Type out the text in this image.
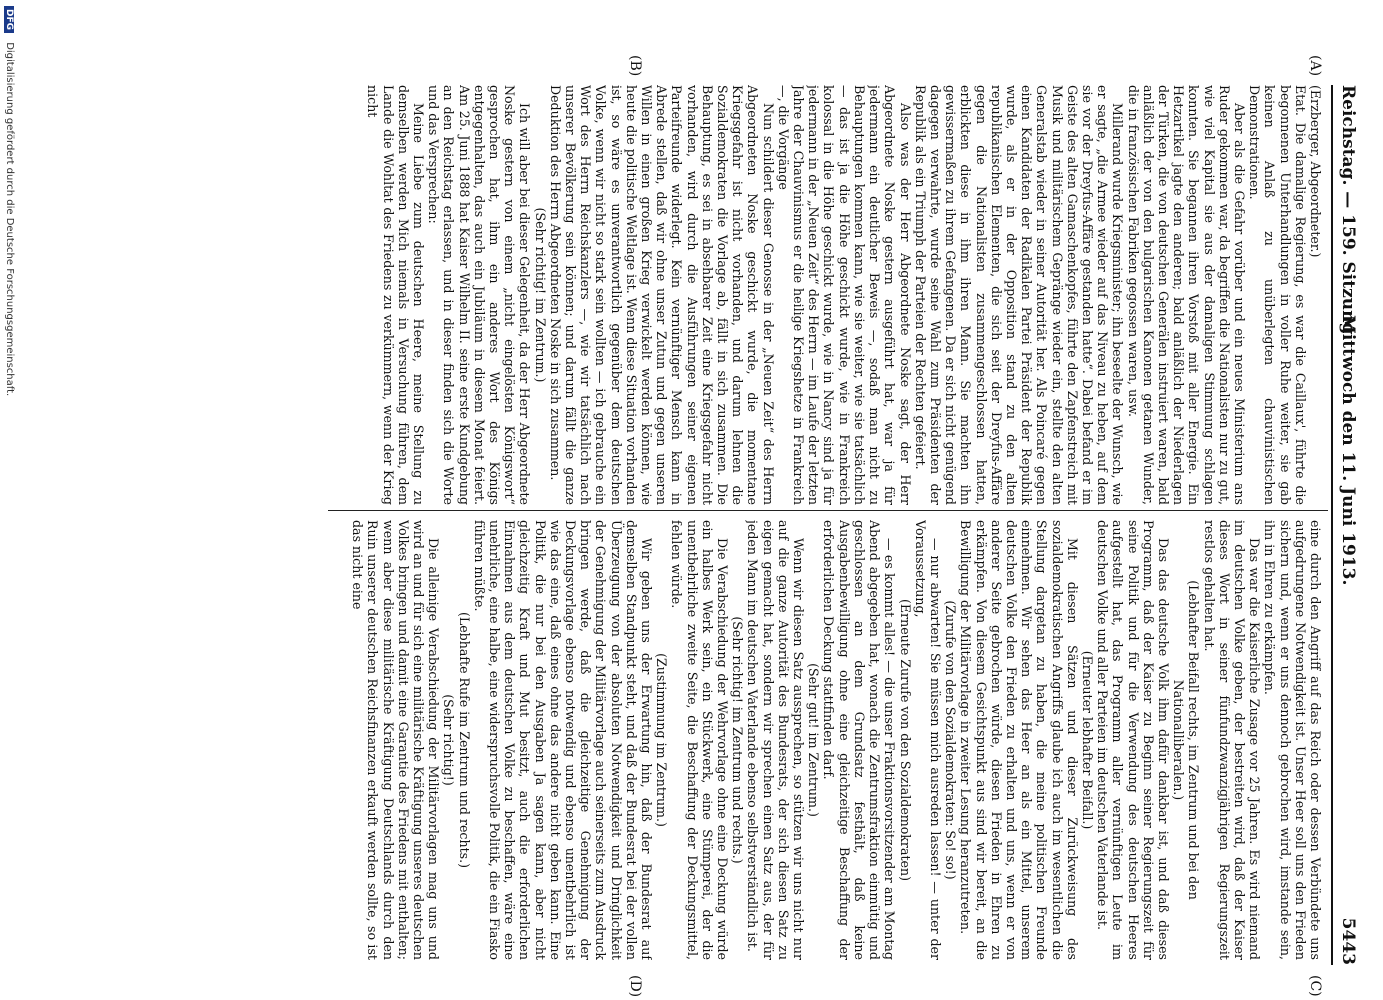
Reichstag. — 159. Sitzung.
Mittwoch den 11. Juni 1913.
5443
(A)
(B)
(C)
(D)

(Erzberger, Abgeordneter.)

Etat. Die damalige Regierung, es war die Caillaux', führte die begonnenen Unterhandlungen in voller Ruhe weiter, sie gab keinen Anlaß zu unüberlegten chauvinistischen Demonstrationen.

Aber als die Gefahr vorüber und ein neues Ministerium ans Ruder gekommen war, da begriffen die Nationalisten nur zu gut, wie viel Kapital sie aus der damaligen Stimmung schlagen konnten. Sie begannen ihren Vorstoß mit aller Energie. Ein Hetzartikel jagte den anderen; bald anläßlich der Niederlagen der Türken, die von deutschen Generälen instruiert waren, bald anläßlich der von den bulgarischen Kanonen getanen Wunder, die in französischen Fabriken gegossen waren, usw.

Millerand wurde Kriegsminister; ihn beseelte der Wunsch, wie er sagte, „die Armee wieder auf das Niveau zu heben, auf dem sie vor der Dreyfus-Affäre gestanden hatte“. Dabei befand er im Geiste des alten Gamaschenkopfes, führte den Zapfenstreich mit Musik und militärischem Gepränge wieder ein, stellte den alten Generalstab wieder in seiner Autorität her. Als Poincaré gegen einen Kandidaten der Radikalen Partei Präsident der Republik wurde, als er in der Opposition stand zu den alten republikanischen Elementen, die sich seit der Dreyfus-Affäre gegen die Nationalisten zusammengeschlossen hatten, erblickten diese in ihm ihren Mann. Sie machten ihn gewissermaßen zu ihrem Gefangenen. Da er sich nicht genügend dagegen verwahrte, wurde seine Wahl zum Präsidenten der Republik als ein Triumph der Parteien der Rechten gefeiert.

Also was der Herr Abgeordnete Noske sagt, der Herr Abgeordnete Noske gestern ausgeführt hat, war ja für jedermann ein deutlicher Beweis —, sodaß man nicht zu Behauptungen kommen kann, wie sie weiter, wie sie tatsächlich — das ist ja die Höhe geschickt wurde, wie in Frankreich kolossal in die Höhe geschickt wurde, wie in Nancy sind ja für jedermann in der „Neuen Zeit“ des Herrn — im Laufe der letzten Jahre der Chauvinismus er die heilige Kriegshetze in Frankreich —, die Vorgänge

Nun schildert dieser Genosse in der „Neuen Zeit“ des Herrn Abgeordneten Noske geschickt wurde, die momentane Kriegsgefahr ist nicht vorhanden, und darum lehnen die Sozialdemokraten die Vorlage ab, fällt in sich zusammen. Die Behauptung, es sei in absehbarer Zeit eine Kriegsgefahr nicht vorhanden, wird durch die Ausführungen seiner eigenen Parteifreunde widerlegt. Kein vernünftiger Mensch kann in Abrede stellen, daß wir ohne unser Zutun und gegen unseren Willen in einen großen Krieg verwickelt werden können, wie heute die politische Weltlage ist. Wenn diese Situation vorhanden ist, so wäre es unverantwortlich gegenüber dem deutschen Volke, wenn wir nicht so stark sein wollten — ich gebrauche ein Wort des Herrn Reichskanzlers —, wie wir tatsächlich nach unserer Bevölkerung sein können; und darum fällt die ganze Deduktion des Herrn Abgeordneten Noske in sich zusammen.

(Sehr richtig! im Zentrum.)

Ich will aber bei dieser Gelegenheit, da der Herr Abgeordnete Noske gestern von einem „nicht eingelösten Königswort“ gesprochen hat, ihm ein anderes Wort des Königs entgegenhalten, das auch ein Jubiläum in diesem Monat feiert. Am 25. Juni 1888 hat Kaiser Wilhelm II. seine erste Kundgebung an den Reichstag erlassen, und in dieser finden sich die Worte und das Versprechen:

Meine Liebe zum deutschen Heere, meine Stellung zu demselben werden Mich niemals in Versuchung führen, dem Lande die Wohltat des Friedens zu verkümmern, wenn der Krieg nicht

eine durch den Angriff auf das Reich oder dessen Verbündete uns aufgedrungene Notwendigkeit ist. Unser Heer soll uns den Frieden sichern und, wenn er uns dennoch gebrochen wird, imstande sein, ihn in Ehren zu erkämpfen.

Das war die Kaiserliche Zusage vor 25 Jahren. Es wird niemand im deutschen Volke geben, der bestreiten wird, daß der Kaiser dieses Wort in seiner fünfundzwanzigjährigen Regierungszeit restlos gehalten hat.

(Lebhafter Beifall rechts, im Zentrum und bei den Nationalliberalen.)

Das das deutsche Volk ihm dafür dankbar ist, und daß dieses Programm, daß der Kaiser zu Beginn seiner Regierungszeit für seine Politik und für die Verwendung des deutschen Heeres aufgestellt hat, das Programm aller vernünftigen Leute im deutschen Volke und aller Parteien im deutschen Vaterlande ist.

(Erneuter lebhafter Beifall.)

Mit diesen Sätzen und dieser Zurückweisung des sozialdemokratischen Angriffs glaube ich auch im wesentlichen die Stellung dargetan zu haben, die meine politischen Freunde einnehmen. Wir sehen das Heer an als ein Mittel, unserem deutschen Volke den Frieden zu erhalten und uns, wenn er von anderer Seite gebrochen würde, diesen Frieden in Ehren zu erkämpfen. Von diesem Gesichtspunkt aus sind wir bereit, an die Bewilligung der Militärvorlage in zweiter Lesung heranzutreten.

(Zurufe von den Sozialdemokraten: So! so!)

— nur abwarten! Sie müssen mich ausreden lassen! — unter der Voraussetzung,

(Erneute Zurufe von den Sozialdemokraten)

— es kommt alles! — die unser Fraktionsvorsitzender am Montag Abend abgegeben hat, wonach die Zentrumsfraktion einmütig und geschlossen an dem Grundsatz festhält, daß keine Ausgabenbewilligung ohne eine gleichzeitige Beschaffung der erforderlichen Deckung stattfinden darf.

(Sehr gut! im Zentrum.)

Wenn wir diesen Satz aussprechen, so stützen wir uns nicht nur auf die ganze Autorität des Bundesrats, der sich diesen Satz zu eigen gemacht hat, sondern wir sprechen einen Satz aus, der für jeden Mann im deutschen Vaterlande ebenso selbstverständlich ist.

(Sehr richtig! im Zentrum und rechts.)

Die Verabschiedung der Wehrvorlage ohne eine Deckung würde ein halbes Werk sein, ein Stückwerk, eine Stümperei, der die unentbehrliche zweite Seite, die Beschaffung der Deckungsmittel, fehlen würde.

(Zustimmung im Zentrum.)

Wir geben uns der Erwartung hin, daß der Bundesrat auf demselben Standpunkt steht, und daß der Bundesrat bei der vollen Überzeugung von der absoluten Notwendigkeit und Dringlichkeit der Genehmigung der Militärvorlage auch seinerseits zum Ausdruck bringen werde, daß die gleichzeitige Genehmigung der Deckungsvorlage ebenso notwendig und ebenso unentbehrlich ist wie das eine, daß eines ohne das andere nicht geben kann. Eine Politik, die nur bei den Ausgaben Ja sagen kann, aber nicht gleichzeitig Kraft und Mut besitzt, auch die erforderlichen Einnahmen aus dem deutschen Volke zu beschaffen, wäre eine unehrliche, eine halbe, eine widerspruchsvolle Politik, die ein Fiasko führen müßte.

(Lebhafte Rufe im Zentrum und rechts.)

(Sehr richtig!)

Die alleinige Verabschiedung der Militärvorlagen mag uns und wird an und für sich eine militärische Kräftigung unseres deutschen Volkes bringen und damit eine Garantie des Friedens mit enthalten; wenn aber diese militärische Kräftigung Deutschlands durch den Ruin unserer deutschen Reichsfinanzen erkauft werden sollte, so ist das nicht eine

DFG Digitalisierung gefördert durch die Deutsche Forschungsgemeinschaft.
